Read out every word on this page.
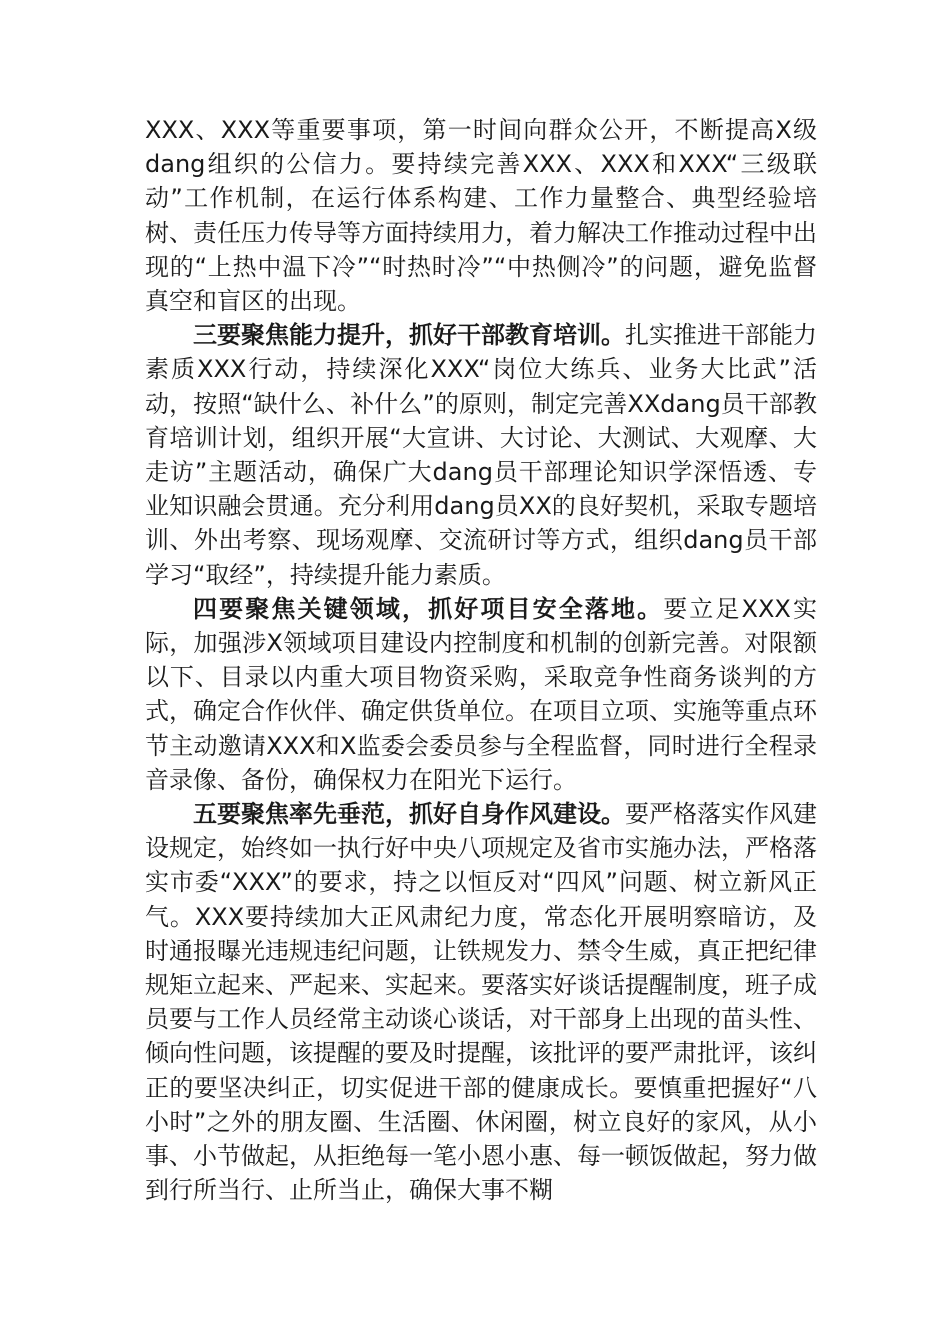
XXX、XXX等重要事项，第一时间向群众公开，不断提高X级dang组织的公信力。要持续完善XXX、XXX和XXX“三级联动”工作机制，在运行体系构建、工作力量整合、典型经验培树、责任压力传导等方面持续用力，着力解决工作推动过程中出现的“上热中温下冷”“时热时冷”“中热侧冷”的问题，避免监督真空和盲区的出现。

三要聚焦能力提升，抓好干部教育培训。扎实推进干部能力素质XXX行动，持续深化XXX“岗位大练兵、业务大比武”活动，按照“缺什么、补什么”的原则，制定完善XXdang员干部教育培训计划，组织开展“大宣讲、大讨论、大测试、大观摩、大走访”主题活动，确保广大dang员干部理论知识学深悟透、专业知识融会贯通。充分利用dang员XX的良好契机，采取专题培训、外出考察、现场观摩、交流研讨等方式，组织dang员干部学习“取经”，持续提升能力素质。

四要聚焦关键领域，抓好项目安全落地。要立足XXX实际，加强涉X领域项目建设内控制度和机制的创新完善。对限额以下、目录以内重大项目物资采购，采取竞争性商务谈判的方式，确定合作伙伴、确定供货单位。在项目立项、实施等重点环节主动邀请XXX和X监委会委员参与全程监督，同时进行全程录音录像、备份，确保权力在阳光下运行。

五要聚焦率先垂范，抓好自身作风建设。要严格落实作风建设规定，始终如一执行好中央八项规定及省市实施办法，严格落实市委“XXX”的要求，持之以恒反对“四风”问题、树立新风正气。XXX要持续加大正风肃纪力度，常态化开展明察暗访，及时通报曝光违规违纪问题，让铁规发力、禁令生威，真正把纪律规矩立起来、严起来、实起来。要落实好谈话提醒制度，班子成员要与工作人员经常主动谈心谈话，对干部身上出现的苗头性、倾向性问题，该提醒的要及时提醒，该批评的要严肃批评，该纠正的要坚决纠正，切实促进干部的健康成长。要慎重把握好“八小时”之外的朋友圈、生活圈、休闲圈，树立良好的家风，从小事、小节做起，从拒绝每一笔小恩小惠、每一顿饭做起，努力做到行所当行、止所当止，确保大事不糊
